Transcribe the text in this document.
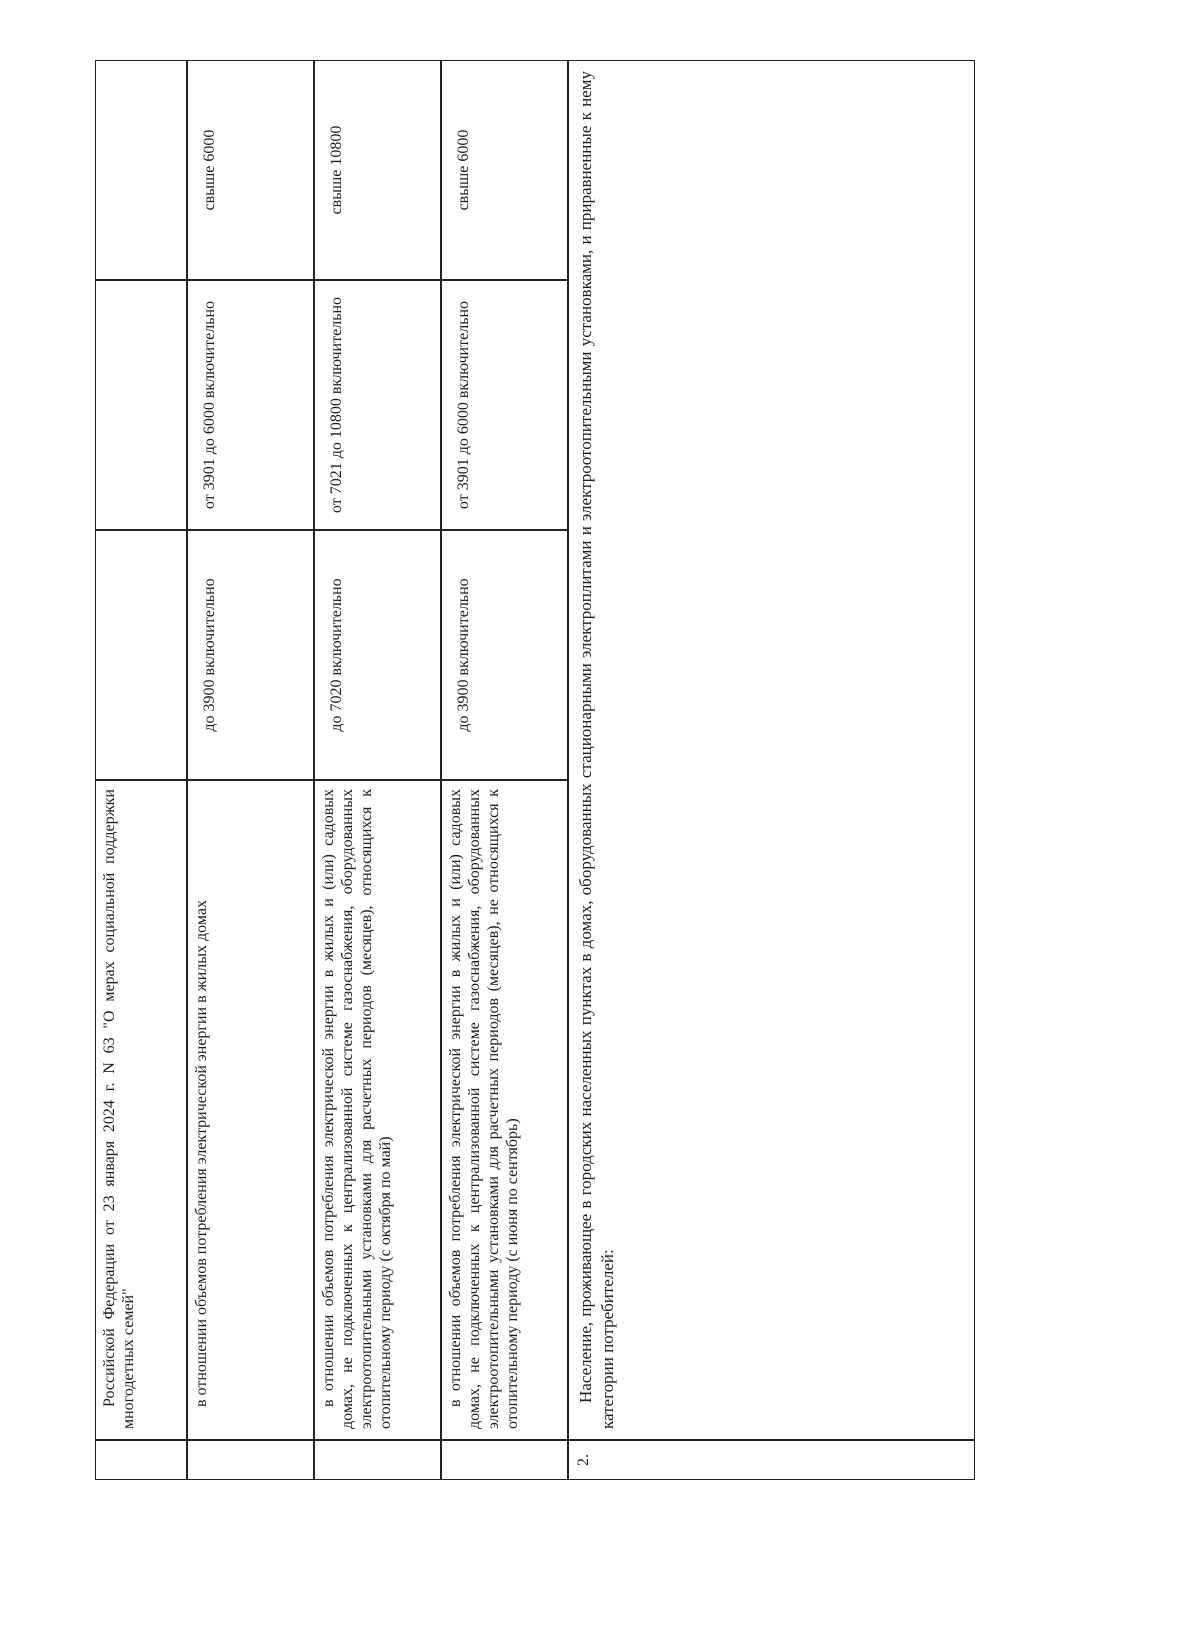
Российской Федерации от 23 января 2024 г. N 63 "О мерах социальной поддержки многодетных семей"	в отношении объемов потребления электрической энергии в жилых домах

до 3900 включительно
от 3901 до 6000 включительно
свыше 6000

в отношении объемов потребления электрической энергии в жилых и (или) садовых домах, не подключенных к централизованной системе газоснабжения, оборудованных электроотопительными установками для расчетных периодов (месяцев), относящихся к отопительному периоду (с октября по май)

до 7020 включительно
от 7021 до 10800 включительно
свыше 10800

в отношении объемов потребления электрической энергии в жилых и (или) садовых домах, не подключенных к централизованной системе газоснабжения, оборудованных электроотопительными установками для расчетных периодов (месяцев), не относящихся к отопительному периоду (с июня по сентябрь)

до 3900 включительно
от 3901 до 6000 включительно
свыше 6000
2.

Население, проживающее в городских населенных пунктах в домах, оборудованных стационарными электроплитами и электроотопительными установками, и приравненные к нему категории потребителей:
